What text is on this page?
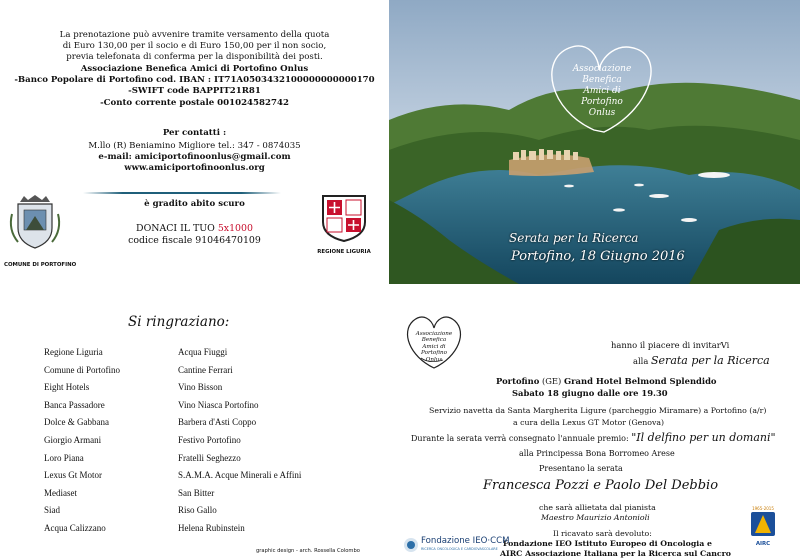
La prenotazione può avvenire tramite versamento della quota
di Euro 130,00 per il socio e di Euro 150,00 per il non socio,
previa telefonata di conferma per la disponibilità dei posti.
Associazione Benefica Amici di Portofino Onlus
-Banco Popolare di Portofino cod. IBAN : IT71A0503432100000000000170
-SWIFT code BAPPIT21R81
-Conto corrente postale 001024582742
Per contatti :
M.llo (R) Beniamino Migliore tel.: 347 - 0874035
e-mail: amiciportofinoonlus@gmail.com
www.amiciportofinoonlus.org
è gradito abito scuro
DONACI IL TUO 5x1000
codice fiscale 91046470109
COMUNE DI PORTOFINO
REGIONE LIGURIA
Associazione
Benefica
Amici di
Portofino
Onlus
Serata per la Ricerca
Portofino, 18 Giugno 2016
Si ringraziano:
Regione Liguria
Comune di Portofino
Eight Hotels
Banca Passadore
Dolce & Gabbana
Giorgio Armani
Loro Piana
Lexus Gt Motor
Mediaset
Siad
Acqua Calizzano
Acqua Fiuggi
Cantine Ferrari
Vino Bisson
Vino Niasca Portofino
Barbera d'Asti Coppo
Festivo Portofino
Fratelli Seghezzo
S.A.M.A. Acque Minerali e Affini
San Bitter
Riso Gallo
Helena Rubinstein
graphic design - arch. Rossella Colombo
Associazione
Benefica
Amici di
Portofino
Onlus
hanno il piacere di invitarVi
alla Serata per la Ricerca
Portofino (GE) Grand Hotel Belmond Splendido
Sabato 18 giugno dalle ore 19.30
Servizio navetta da Santa Margherita Ligure (parcheggio Miramare) a Portofino (a/r)
a cura della Lexus GT Motor (Genova)
Durante la serata verrà consegnato l'annuale premio: "Il delfino per un domani"
alla Principessa Bona Borromeo Arese
Presentano la serata
Francesca Pozzi e Paolo Del Debbio
che sarà allietata dal pianista
Maestro Maurizio Antonioli
Il ricavato sarà devoluto:
Fondazione IEO Istituto Europeo di Oncologia e
AIRC Associazione Italiana per la Ricerca sul Cancro
Fondazione IEO·CCM
RICERCA ONCOLOGICA E CARDIOVASCOLARE
1965-2015
AIRC
